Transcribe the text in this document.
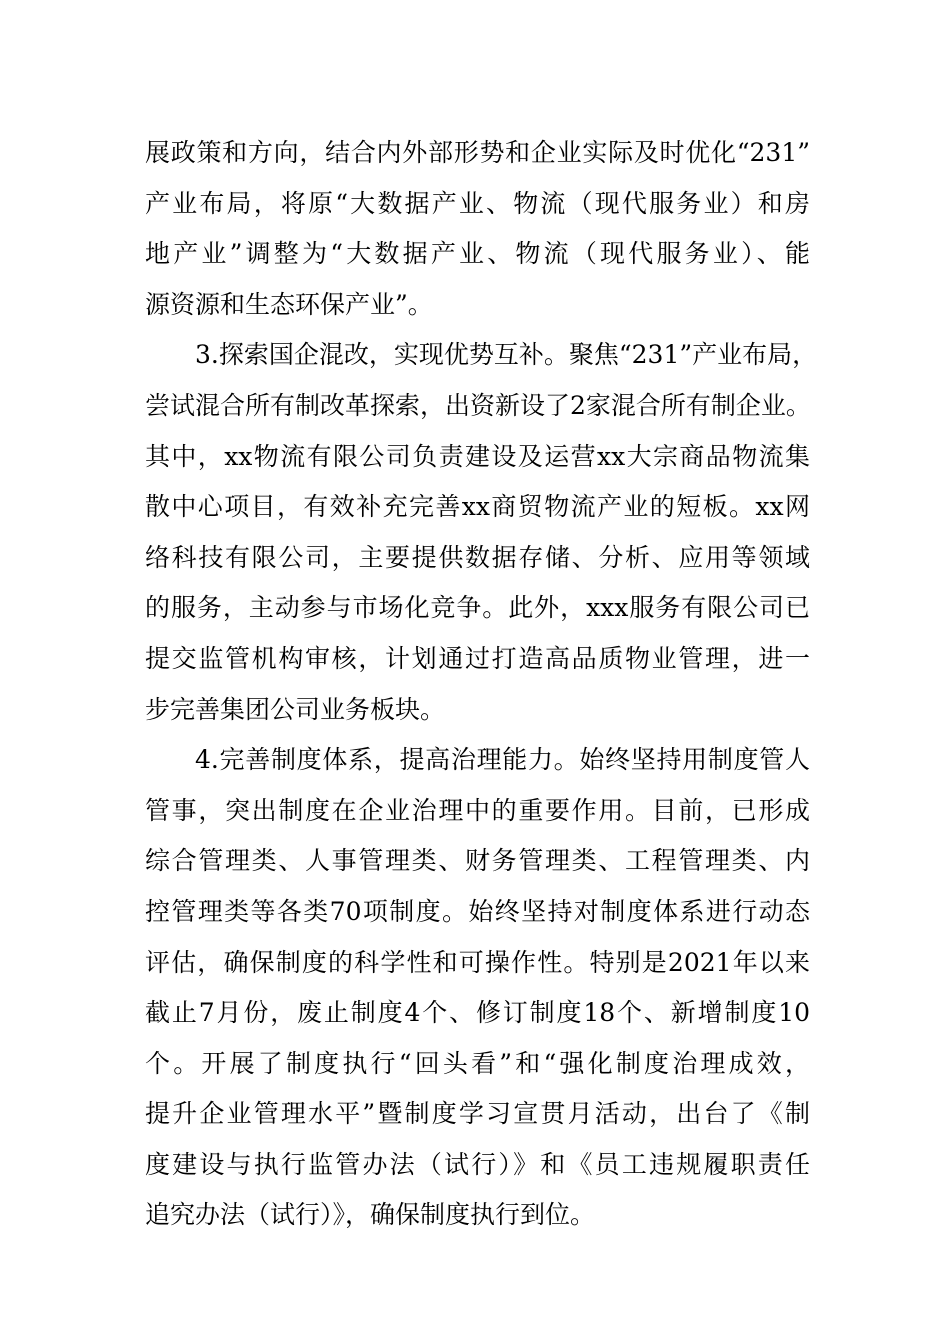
展政策和方向，结合内外部形势和企业实际及时优化“231”
产业布局，将原“大数据产业、物流（现代服务业）和房
地产业”调整为“大数据产业、物流（现代服务业）、能
源资源和生态环保产业”。
3.探索国企混改，实现优势互补。聚焦“231”产业布局，
尝试混合所有制改革探索，出资新设了2家混合所有制企业。
其中，xx物流有限公司负责建设及运营xx大宗商品物流集
散中心项目，有效补充完善xx商贸物流产业的短板。xx网
络科技有限公司，主要提供数据存储、分析、应用等领域
的服务，主动参与市场化竞争。此外，xxx服务有限公司已
提交监管机构审核，计划通过打造高品质物业管理，进一
步完善集团公司业务板块。
4.完善制度体系，提高治理能力。始终坚持用制度管人
管事，突出制度在企业治理中的重要作用。目前，已形成
综合管理类、人事管理类、财务管理类、工程管理类、内
控管理类等各类70项制度。始终坚持对制度体系进行动态
评估，确保制度的科学性和可操作性。特别是2021年以来
截止7月份，废止制度4个、修订制度18个、新增制度10
个。开展了制度执行“回头看”和“强化制度治理成效，
提升企业管理水平”暨制度学习宣贯月活动，出台了《制
度建设与执行监管办法（试行）》和《员工违规履职责任
追究办法（试行）》，确保制度执行到位。
